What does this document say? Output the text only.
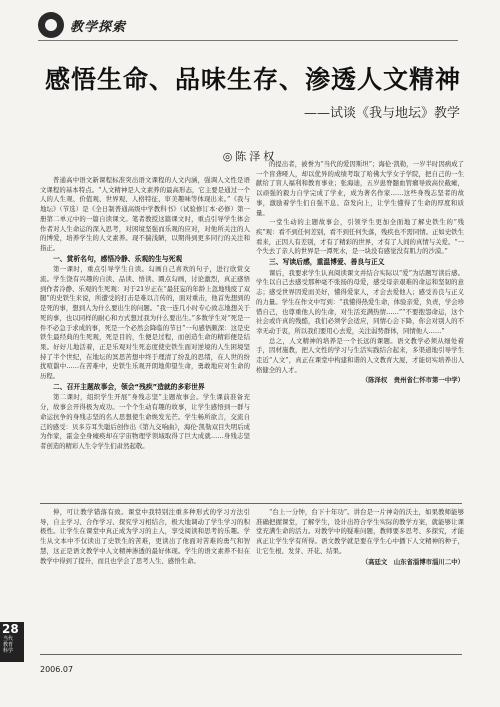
教学探索
感悟生命、品味生存、渗透人文精神
——试谈《我与地坛》教学
◎陈泽权

普通高中语文新课程标准突出语文课程的人文内涵，强调人文性是语文课程的基本特点。“人文精神是人文素养的最高形态，它主要是通过一个人的人生观、价值观、世界观、人格特征、审美趣味等体现出来。”《我与地坛》（节选）是《全日制普通高级中学教科书》（试验修订本·必修）第一册第二单元中的一篇自读课文。笔者教授这篇课文时，重点引导学生体会作者对人生命运的深入思考，对困境坚强而乐观的应对，对他所关注的人的博爱，培养学生的人文素养。现不揣浅陋，以期得到更多同行的关注和指正。

一、赏析名句，感悟冷静、乐观的生与死观

第一课时，重点引导学生自读。勾画自己喜欢的句子，进行欣赏交流。学生饶有兴趣的自读、品读、悟读、圈点勾画，讨论激烈，真正感悟到作者冷静、乐观的生死观：对于21岁正在“最狂妄的年龄上忽地残废了双腿”的史铁生来说，所遭受的打击是难以言传的，面对重击，他首先想到的是死的事，想到人为什么要出生的问题。“我一连几小时专心致志地想关于死的事，也以同样的耐心和方式想过我为什么要出生。”多数学生对“死是一件不必急于求成的事，死是一个必然会降临的节日”一句感悟颇深：这是史铁生最经典的生死观，死是目的，生便是过程，而创造生命的精彩便是结果。好好儿地活着，正是乐观对生死态度使史铁生面对逆境的人生困境坚持了半个世纪，在地坛的冥思苦想中终于理清了纷乱的思绪，在人世的纷扰喧嚣中……在苦难中，史铁生乐观开朗地仰望生命，勇敢地应对生命的历程。

二、召开主题故事会，领会“残疾”造就的多彩世界

第二课时，组织学生开展“身残志坚”主题故事会。学生课前准备充分，故事会开得极为成功。一个个生动有趣的故事，让学生感悟到一群与命运抗争的身残志坚的名人思想使生命焕发光芒。学生畅所欲言，交流自己的感受：贝多芬耳失聪后创作出《第九交响曲》，海伦·凯勒双目失明后成为作家，霍金全身瘫痪却在宇宙物理学领域取得了巨大成就……身残志坚者创造的精彩人生令学生们肃然起敬。

的提出者，被誉为“当代的爱因斯坦”；海伦·凯勒，一岁半时因病成了一个盲聋哑人，却以优异的成绩考取了哈佛大学女子学院，把自己的一生献给了盲人福利和教育事业；张海迪，五岁患脊髓血管瘤导致高位截瘫，以顽强的毅力自学完成了学业，成为著名作家……这些身残志坚者的故事，激励着学生们自强不息、奋发向上，让学生懂得了生命的厚度和质量。

一堂生动的主题故事会，引领学生更加全面地了解史铁生的“残疾”观：看不到任何差别，看不到任何失落，残疾也不需同情。正如史铁生看来，正因人有差别，才有了精彩的世界，才有了人间的真情与关爱。“一个失去了亲人的世界是一潭死水，是一块没有感觉没有肌力的沙漠。”

三、写读后感，重温博爱、善良与正义

课后，我要求学生认真阅读课文并结合实际以“爱”为话题写读后感。学生以自己去感受那种毫不张扬的母爱，感受母亲艰难的命运和坚韧的意志；感受世界因爱而美好，懂得爱家人，才会去爱他人；感受善良与正义的力量。学生在作文中写到：“我懂得热爱生命，体验亲爱，负责，学会珍惜自己，也尊重他人的生命，对生活充满热情……”“不要抱怨命运，这个社会或许真的残酷，我们必须学会适应，同情心会下降，你会对别人的不幸无动于衷，所以我们要用心去爱，关注弱势群体，同情他人……”

总之，人文精神的培养是一个长远的课题。语文教学必须从细处着手，因材施教，把人文性的学习与生活实践结合起来，多渠道地引导学生走近“人文”，真正在课堂中构建和谐的人文教育大厦，才能切实培养出人格健全的人才。

（陈泽权　贵州省仁怀市第一中学）

伸，可让教学错落有致。课堂中我特别注重多种形式的学习方法引导，自主学习、合作学习、探究学习相结合，极大地调动了学生学习的积极性。让学生在课堂中真正成为学习的主人，享受阅读和思考的乐趣。学生从文本中不仅读出了史铁生的苦难，更读出了他面对苦难的勇气和智慧，这正是语文教学中人文精神渗透的最好体现。学生的语文素养不但在教学中得到了提升，而且也学会了思考人生、感悟生命。

“台上一分钟，台下十年功”。讲台是一片神奇的沃土，如果教师能够准确把握课堂，了解学生，设计出符合学生实际的教学方案，就能够让课堂充满生命的活力。对教学中的疑难问题，教师要多思考、多探究，才能真正让学生学有所得。语文教学就是要在学生心中播下人文精神的种子，让它生根、发芽、开花、结果。

（高廷文　山东省淄博市淄川二中）

28
当代教育科学
2006.07
